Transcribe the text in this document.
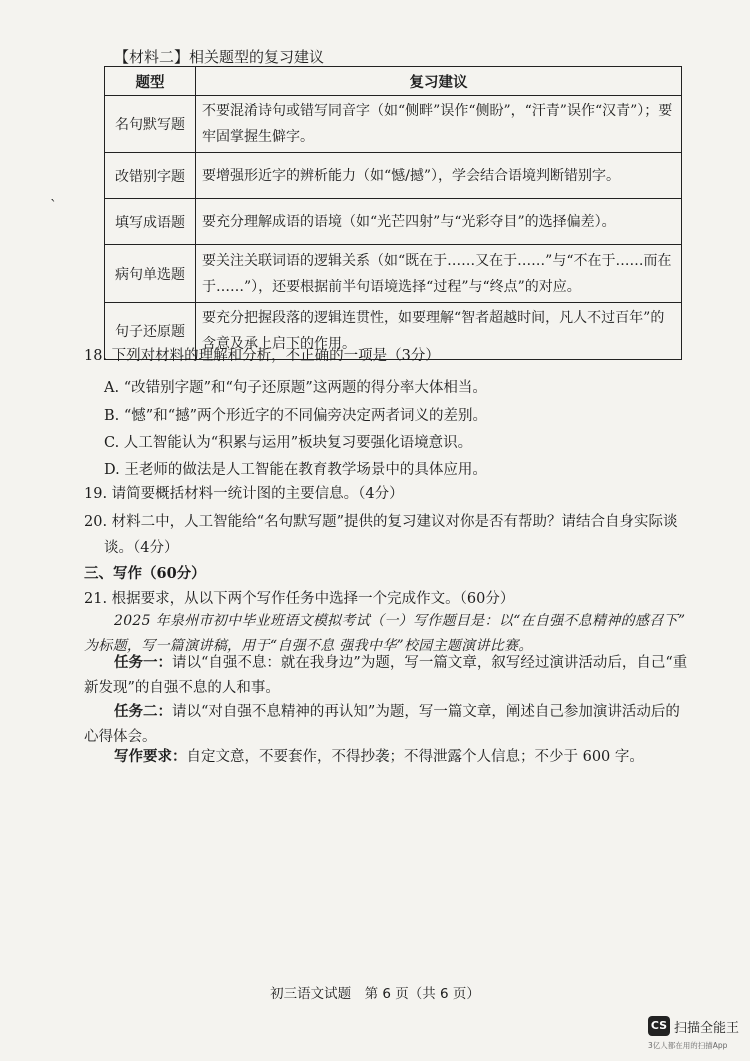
【材料二】相关题型的复习建议
题型	复习建议
名句默写题	不要混淆诗句或错写同音字（如“侧畔”误作“侧盼”，“汗青”误作“汉青”）；要牢固掌握生僻字。
改错别字题	要增强形近字的辨析能力（如“憾/撼”），学会结合语境判断错别字。
填写成语题	要充分理解成语的语境（如“光芒四射”与“光彩夺目”的选择偏差）。
病句单选题	要关注关联词语的逻辑关系（如“既在于……又在于……”与“不在于……而在于……”），还要根据前半句语境选择“过程”与“终点”的对应。
句子还原题	要充分把握段落的逻辑连贯性，如要理解“智者超越时间，凡人不过百年”的含意及承上启下的作用。
`
18. 下列对材料的理解和分析，不正确的一项是（3分）
A. “改错别字题”和“句子还原题”这两题的得分率大体相当。
B. “憾”和“撼”两个形近字的不同偏旁决定两者词义的差别。
C. 人工智能认为“积累与运用”板块复习要强化语境意识。
D. 王老师的做法是人工智能在教育教学场景中的具体应用。
19. 请简要概括材料一统计图的主要信息。（4分）
20. 材料二中，人工智能给“名句默写题”提供的复习建议对你是否有帮助？请结合自身实际谈
谈。（4分）
三、写作（60分）
21. 根据要求，从以下两个写作任务中选择一个完成作文。（60分）
2025 年泉州市初中毕业班语文模拟考试（一）写作题目是：以“在自强不息精神的感召下”
为标题，写一篇演讲稿，用于“自强不息 强我中华”校园主题演讲比赛。
任务一：请以“自强不息：就在我身边”为题，写一篇文章，叙写经过演讲活动后，自己“重
新发现”的自强不息的人和事。
任务二：请以“对自强不息精神的再认知”为题，写一篇文章，阐述自己参加演讲活动后的
心得体会。
写作要求：自定文意，不要套作，不得抄袭；不得泄露个人信息；不少于 600 字。
初三语文试题　第 6 页（共 6 页）
CS 扫描全能王
3亿人都在用的扫描App
